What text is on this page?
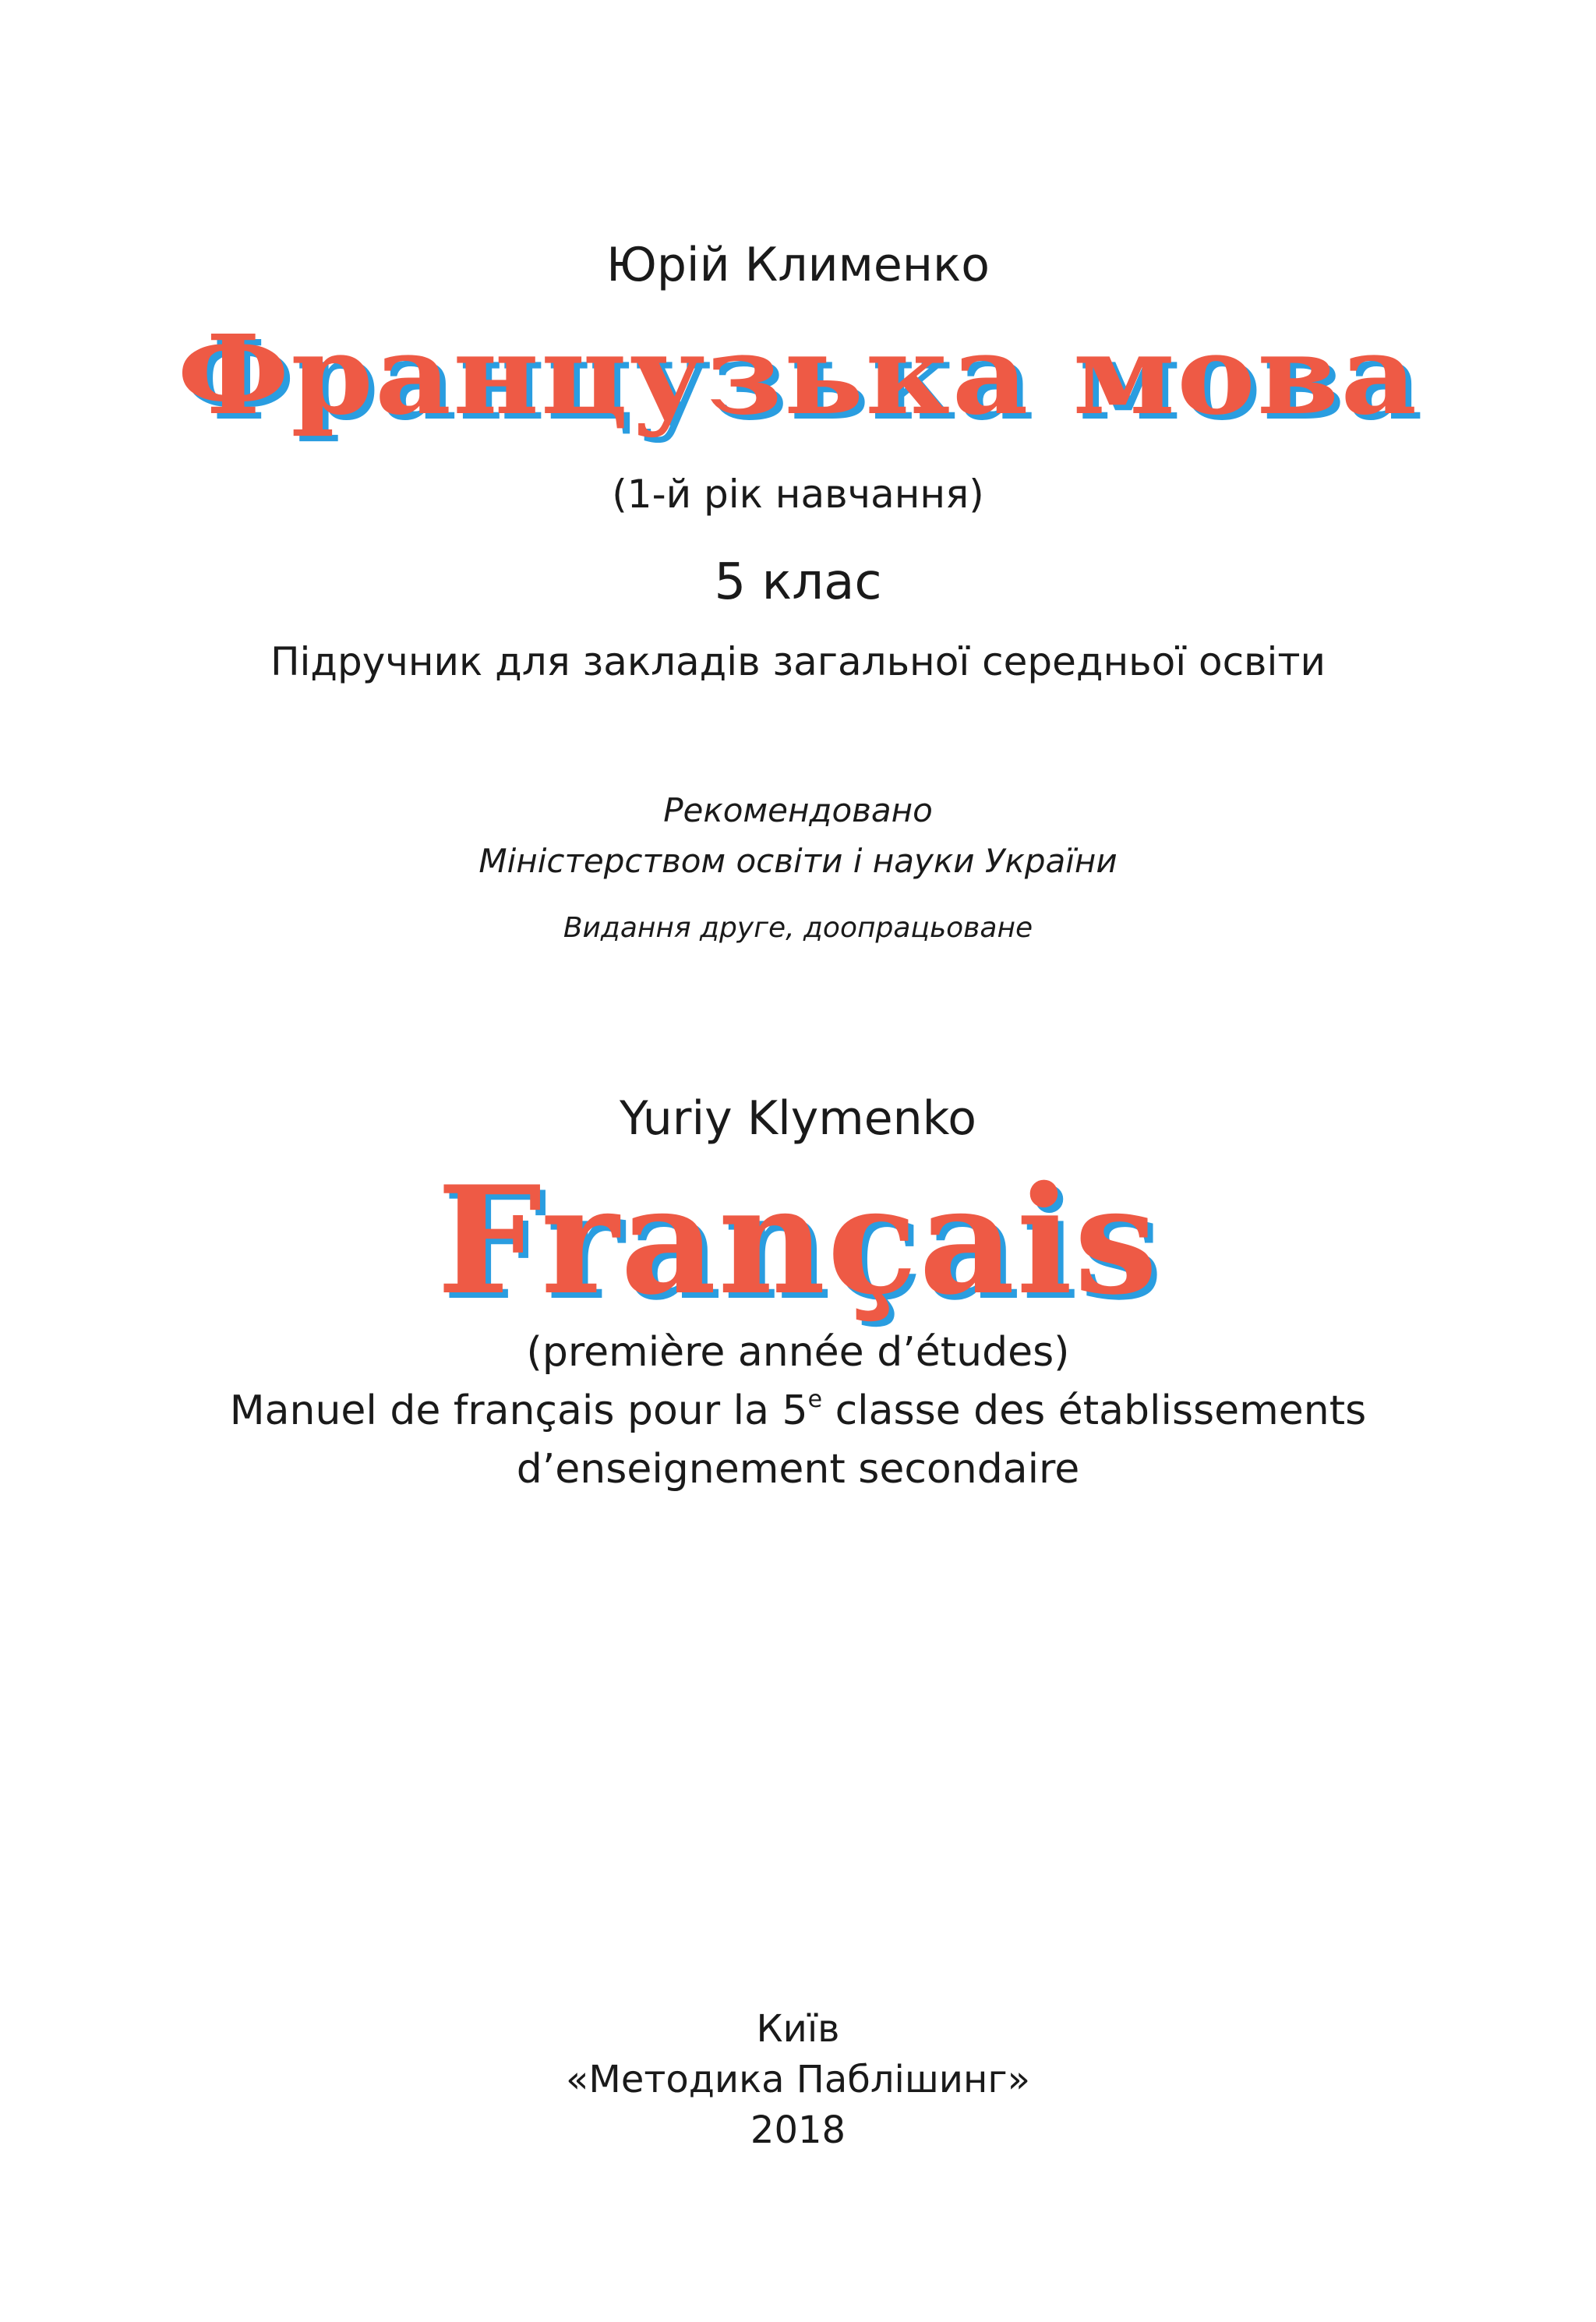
Юрій Клименко
Французька мова
(1-й рік навчання)
5 клас
Підручник для закладів загальної середньої освіти
Рекомендовано
Міністерством освіти і науки України
Видання друге, доопрацьоване
Yuriy Klymenko
Français
(première année d’études)
Manuel de français pour la 5e classe des établissements
d’enseignement secondaire
Київ
«Методика Паблішинг»
2018
